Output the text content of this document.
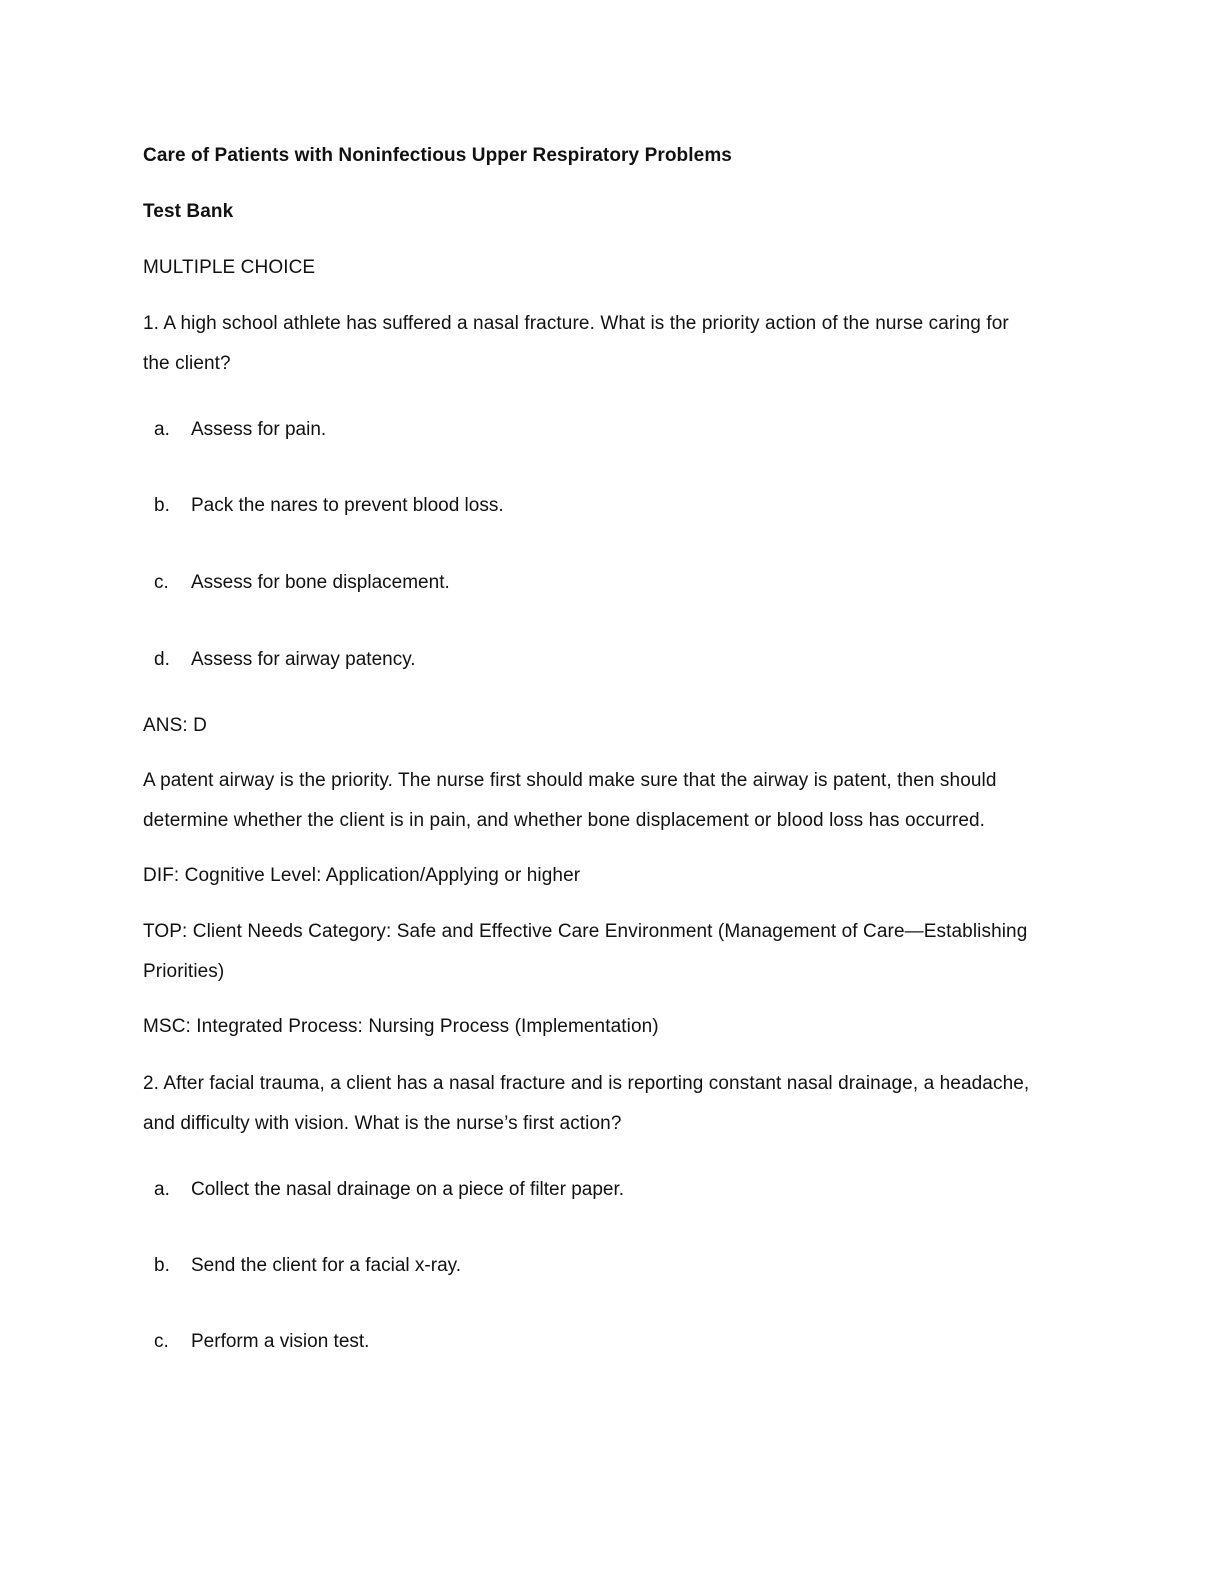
Care of Patients with Noninfectious Upper Respiratory Problems
Test Bank
MULTIPLE CHOICE
1. A high school athlete has suffered a nasal fracture. What is the priority action of the nurse caring for
the client?
a. Assess for pain.
b. Pack the nares to prevent blood loss.
c. Assess for bone displacement.
d. Assess for airway patency.
ANS: D
A patent airway is the priority. The nurse first should make sure that the airway is patent, then should
determine whether the client is in pain, and whether bone displacement or blood loss has occurred.
DIF: Cognitive Level: Application/Applying or higher
TOP: Client Needs Category: Safe and Effective Care Environment (Management of Care—Establishing
Priorities)
MSC: Integrated Process: Nursing Process (Implementation)
2. After facial trauma, a client has a nasal fracture and is reporting constant nasal drainage, a headache,
and difficulty with vision. What is the nurse’s first action?
a. Collect the nasal drainage on a piece of filter paper.
b. Send the client for a facial x-ray.
c. Perform a vision test.
